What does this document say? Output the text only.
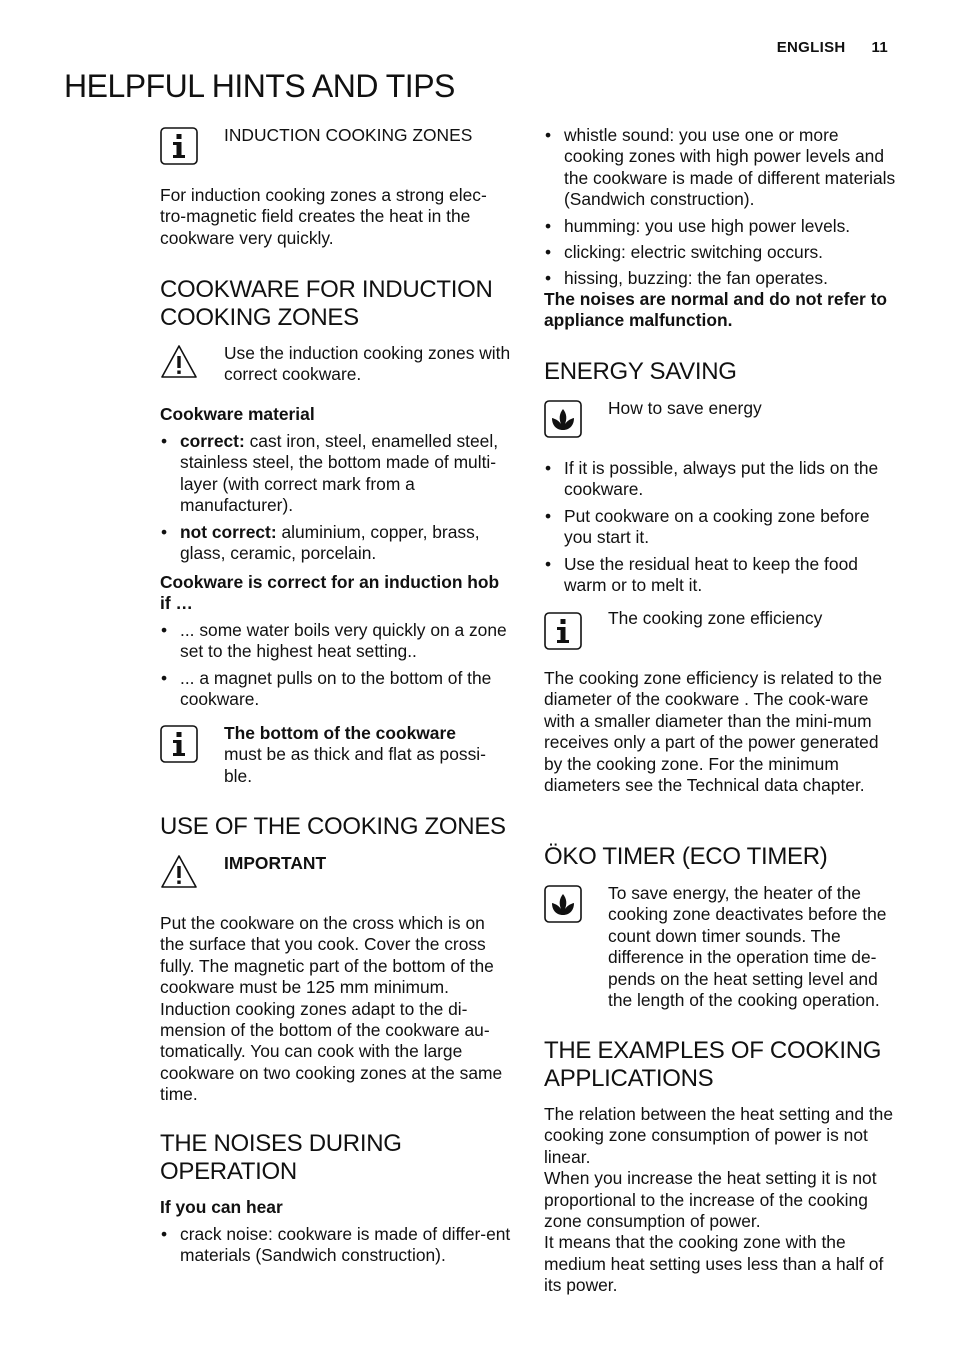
ENGLISH 11
HELPFUL HINTS AND TIPS

INDUCTION COOKING ZONES

For induction cooking zones a strong elec-tro-magnetic field creates the heat in the cookware very quickly.

COOKWARE FOR INDUCTION COOKING ZONES

Use the induction cooking zones with correct cookware.

Cookware material

• correct: cast iron, steel, enamelled steel, stainless steel, the bottom made of multi-layer (with correct mark from a manufacturer).
• not correct: aluminium, copper, brass, glass, ceramic, porcelain.

Cookware is correct for an induction hob if …

• ... some water boils very quickly on a zone set to the highest heat setting..
• ... a magnet pulls on to the bottom of the cookware.

The bottom of the cookware
must be as thick and flat as possi-ble.

USE OF THE COOKING ZONES

IMPORTANT

Put the cookware on the cross which is on the surface that you cook. Cover the cross fully. The magnetic part of the bottom of the cookware must be 125 mm minimum. Induction cooking zones adapt to the di-mension of the bottom of the cookware au-tomatically. You can cook with the large cookware on two cooking zones at the same time.

THE NOISES DURING OPERATION

If you can hear

• crack noise: cookware is made of differ-ent materials (Sandwich construction).
• whistle sound: you use one or more cooking zones with high power levels and the cookware is made of different materials (Sandwich construction).
• humming: you use high power levels.
• clicking: electric switching occurs.
• hissing, buzzing: the fan operates.

The noises are normal and do not refer to appliance malfunction.

ENERGY SAVING

How to save energy

• If it is possible, always put the lids on the cookware.
• Put cookware on a cooking zone before you start it.
• Use the residual heat to keep the food warm or to melt it.

The cooking zone efficiency

The cooking zone efficiency is related to the diameter of the cookware . The cook-ware with a smaller diameter than the mini-mum receives only a part of the power generated by the cooking zone. For the minimum diameters see the Technical data chapter.

ÖKO TIMER (ECO TIMER)

To save energy, the heater of the cooking zone deactivates before the count down timer sounds. The difference in the operation time de-pends on the heat setting level and the length of the cooking operation.

THE EXAMPLES OF COOKING APPLICATIONS

The relation between the heat setting and the cooking zone consumption of power is not linear.

When you increase the heat setting it is not proportional to the increase of the cooking zone consumption of power.

It means that the cooking zone with the medium heat setting uses less than a half of its power.
